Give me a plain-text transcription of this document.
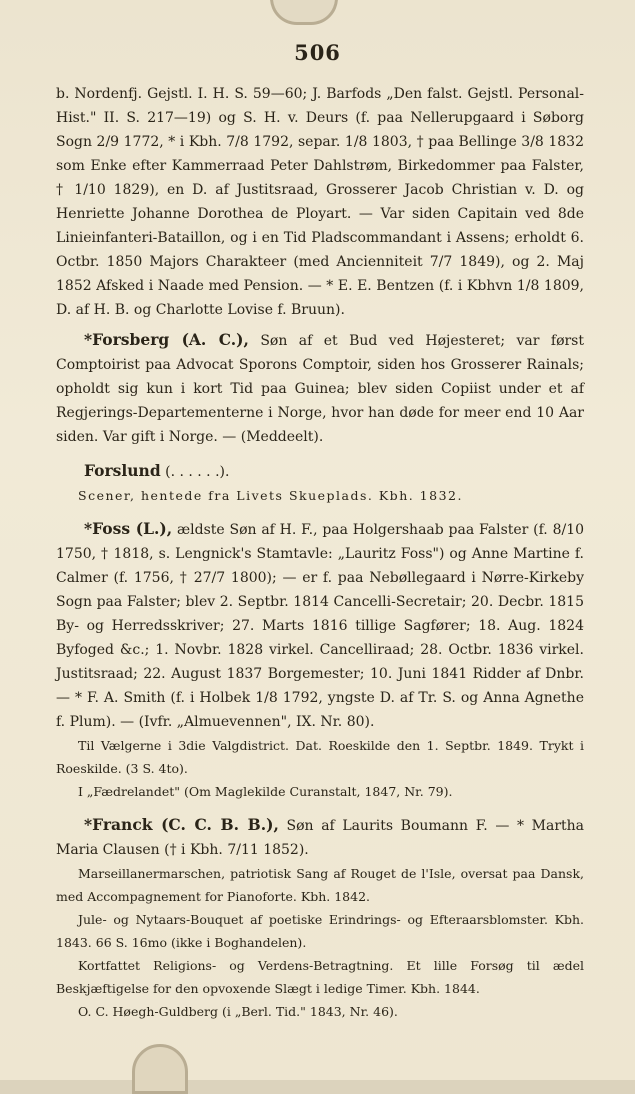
506

b. Nordenfj. Gejstl. I. H. S. 59—60; J. Barfods „Den falst. Gejstl. Personal-Hist." II. S. 217—19) og S. H. v. Deurs (f. paa Nellerupgaard i Søborg Sogn 2/9 1772, * i Kbh. 7/8 1792, separ. 1/8 1803, † paa Bellinge 3/8 1832 som Enke efter Kammerraad Peter Dahlstrøm, Birkedommer paa Falster, † 1/10 1829), en D. af Justitsraad, Grosserer Jacob Christian v. D. og Henriette Johanne Dorothea de Ployart. — Var siden Capitain ved 8de Linieinfanteri-Bataillon, og i en Tid Pladscommandant i Assens; erholdt 6. Octbr. 1850 Majors Charakteer (med Ancienniteit 7/7 1849), og 2. Maj 1852 Afsked i Naade med Pension. — * E. E. Bentzen (f. i Kbhvn 1/8 1809, D. af H. B. og Charlotte Lovise f. Bruun).

*Forsberg (A. C.), Søn af et Bud ved Højesteret; var først Comptoirist paa Advocat Sporons Comptoir, siden hos Grosserer Rainals; opholdt sig kun i kort Tid paa Guinea; blev siden Copiist under et af Regjerings-Departementerne i Norge, hvor han døde for meer end 10 Aar siden. Var gift i Norge. — (Meddeelt).

Forslund (. . . . . .).

Scener, hentede fra Livets Skueplads. Kbh. 1832.

*Foss (L.), ældste Søn af H. F., paa Holgershaab paa Falster (f. 8/10 1750, † 1818, s. Lengnick's Stamtavle: „Lauritz Foss") og Anne Martine f. Calmer (f. 1756, † 27/7 1800); — er f. paa Nebøllegaard i Nørre-Kirkeby Sogn paa Falster; blev 2. Septbr. 1814 Cancelli-Secretair; 20. Decbr. 1815 By- og Herredsskriver; 27. Marts 1816 tillige Sagfører; 18. Aug. 1824 Byfoged &c.; 1. Novbr. 1828 virkel. Cancelliraad; 28. Octbr. 1836 virkel. Justitsraad; 22. August 1837 Borgemester; 10. Juni 1841 Ridder af Dnbr. — * F. A. Smith (f. i Holbek 1/8 1792, yngste D. af Tr. S. og Anna Agnethe f. Plum). — (Ivfr. „Almuevennen", IX. Nr. 80).

Til Vælgerne i 3die Valgdistrict. Dat. Roeskilde den 1. Septbr. 1849. Trykt i Roeskilde. (3 S. 4to).

I „Fædrelandet" (Om Maglekilde Curanstalt, 1847, Nr. 79).

*Franck (C. C. B. B.), Søn af Laurits Boumann F. — * Martha Maria Clausen († i Kbh. 7/11 1852).

Marseillanermarschen, patriotisk Sang af Rouget de l'Isle, oversat paa Dansk, med Accompagnement for Pianoforte. Kbh. 1842.

Jule- og Nytaars-Bouquet af poetiske Erindrings- og Efteraarsblomster. Kbh. 1843. 66 S. 16mo (ikke i Boghandelen).

Kortfattet Religions- og Verdens-Betragtning. Et lille Forsøg til ædel Beskjæftigelse for den opvoxende Slægt i ledige Timer. Kbh. 1844.

O. C. Høegh-Guldberg (i „Berl. Tid." 1843, Nr. 46).
